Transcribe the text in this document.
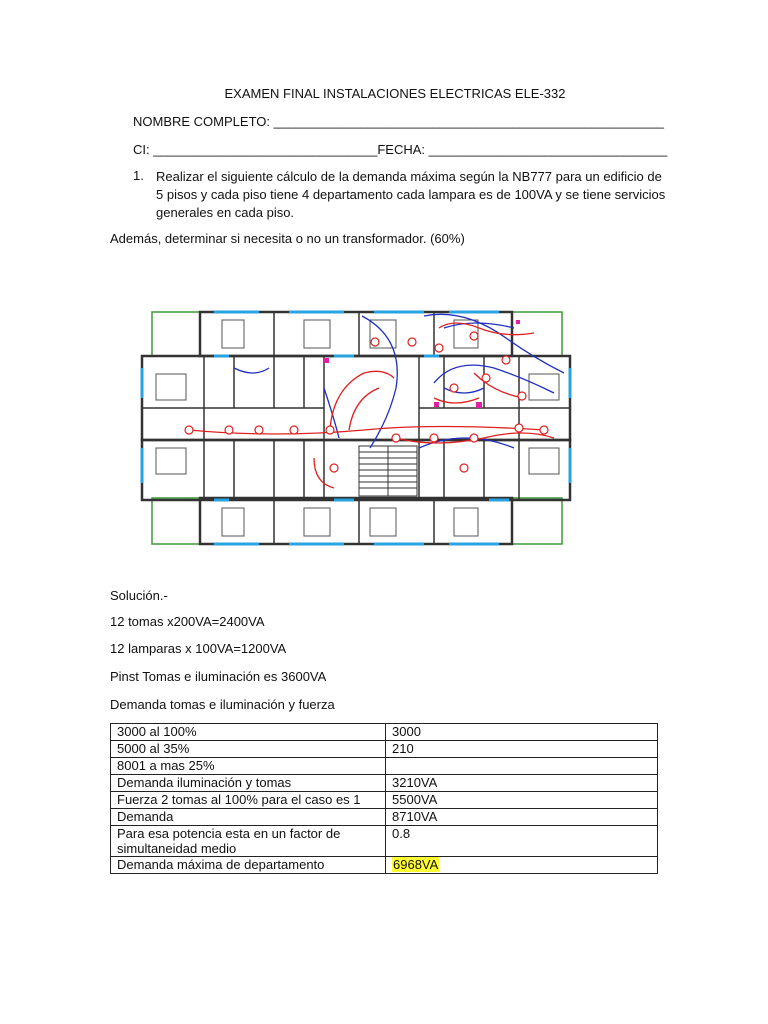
EXAMEN FINAL INSTALACIONES ELECTRICAS ELE-332
NOMBRE COMPLETO: ______________________________________________________
CI: _______________________________FECHA: _________________________________
1. Realizar el siguiente cálculo de la demanda máxima según la NB777 para un edificio de 5 pisos y cada piso tiene 4 departamento cada lampara es de 100VA y se tiene servicios generales en cada piso.
Además, determinar si necesita o no un transformador. (60%)
Solución.-
12 tomas x200VA=2400VA
12 lamparas x 100VA=1200VA
Pinst Tomas e iluminación es 3600VA
Demanda tomas e iluminación y fuerza
3000 al 100%	3000
5000 al 35%	210
8001 a mas 25%	
Demanda iluminación y tomas	3210VA
Fuerza 2 tomas al 100% para el caso es 1	5500VA
Demanda	8710VA
Para esa potencia esta en un factor de simultaneidad medio	0.8
Demanda máxima de departamento	6968VA
